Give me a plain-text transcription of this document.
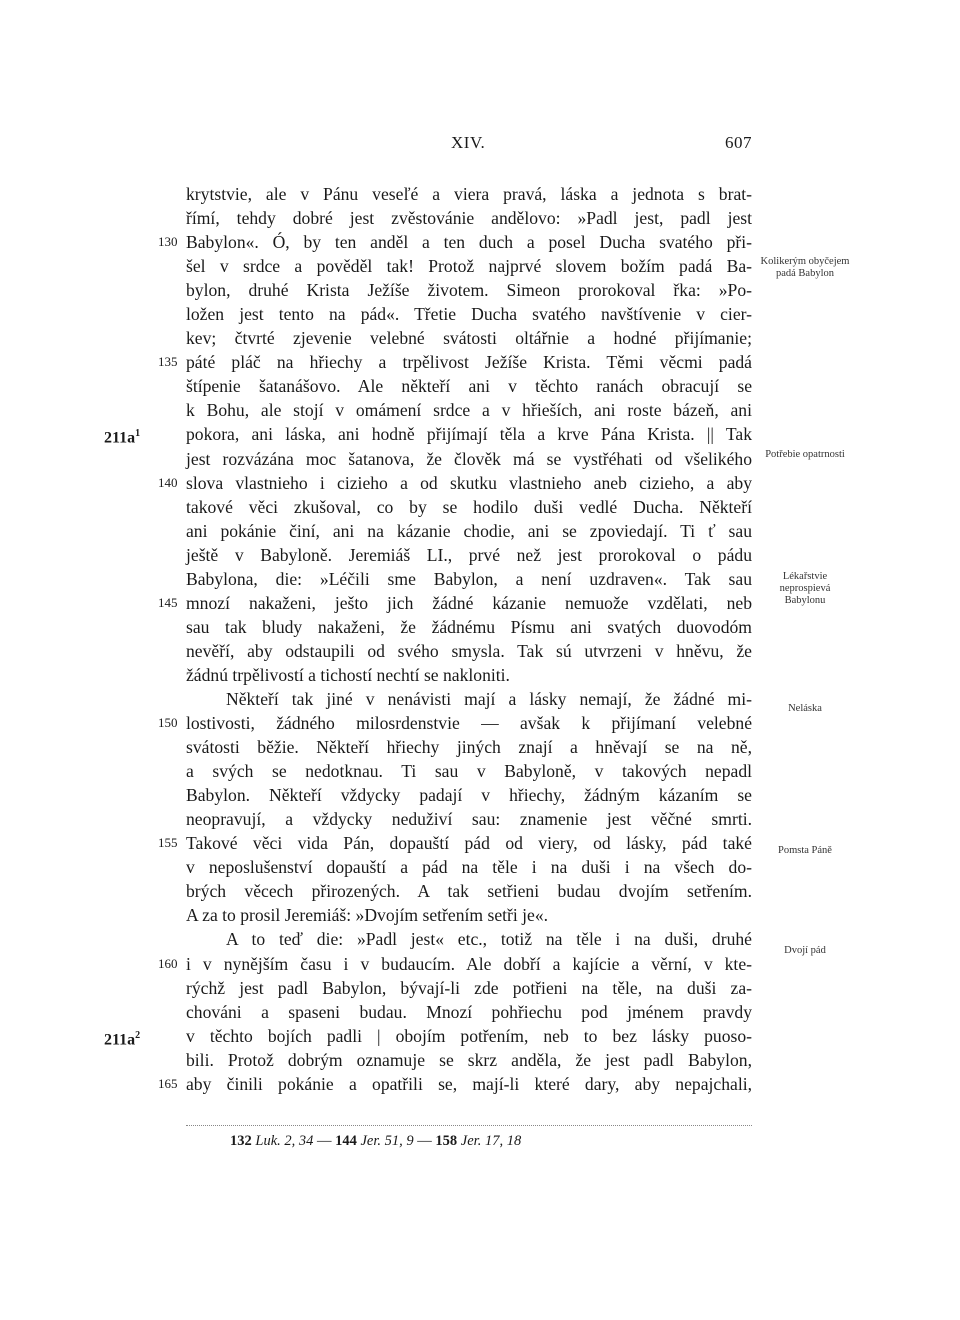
XIV.	607
krytstvie, ale v Pánu veseľé a viera pravá, láska a jednota s brat-
římí, tehdy dobré jest zvěstovánie andělovo: »Padl jest, padl jest
130 Babylon«. Ó, by ten anděl a ten duch a posel Ducha svatého při-
šel v srdce a pověděl tak! Protož najprvé slovem božím padá Ba-
bylon, druhé Krista Ježíše životem. Simeon prorokoval řka: »Po-
ložen jest tento na pád«. Třetie Ducha svatého navštívenie v cier-
kev; čtvrté zjevenie velebné svátosti oltářnie a hodné přijímanie;
135 páté pláč na hřiechy a trpělivost Ježíše Krista. Těmi věcmi padá
štípenie šatanášovo. Ale někteří ani v těchto ranách obracují se
k Bohu, ale stojí v omámení srdce a v hřieších, ani roste bázeň, ani
$211a^1$	pokora, ani láska, ani hodně přijímají těla a krve Pána Krista. || Tak
jest rozvázána moc šatanova, že člověk má se vystřéhati od všelikého
140 slova vlastnieho i cizieho a od skutku vlastnieho aneb cizieho, a aby
takové věci zkušoval, co by se hodilo duši vedlé Ducha. Někteří
ani pokánie činí, ani na kázanie chodie, ani se zpoviedají. Ti ť sau
ještě v Babyloně. Jeremiáš LI., prvé než jest prorokoval o pádu
Babylona, die: »Léčili sme Babylon, a není uzdraven«. Tak sau
145 mnozí nakaženi, ješto jich žádné kázanie nemuože vzdělati, neb
sau tak bludy nakaženi, že žádnému Písmu ani svatých duovodóm
nevěří, aby odstaupili od svého smysla. Tak sú utvrzeni v hněvu, že
žádnú trpělivostí a tichostí nechtí se nakloniti.
Někteří tak jiné v nenávisti mají a lásky nemají, že žádné mi-
150 lostivosti, žádného milosrdenstvie — avšak k přijímaní velebné
svátosti běžie. Někteří hřiechy jiných znají a hněvají se na ně,
a svých se nedotknau. Ti sau v Babyloně, v takových nepadl
Babylon. Někteří vždycky padají v hřiechy, žádným kázaním se
neopravují, a vždycky neduživí sau: znamenie jest věčné smrti.
155 Takové věci vida Pán, dopauští pád od viery, od lásky, pád také
v neposlušenství dopauští a pád na těle i na duši i na všech do-
brých věcech přirozených. A tak setřieni budau dvojím setřením.
A za to prosil Jeremiáš: »Dvojím setřením setři je«.
A to teď die: »Padl jest« etc., totiž na těle i na duši, druhé
160 i v nynějším času i v budaucím. Ale dobří a kajície a věrní, v kte-
rýchž jest padl Babylon, bývají-li zde potřieni na těle, na duši za-
chováni a spaseni budau. Mnozí pohřiechu pod jménem pravdy
$211a^2$	v těchto bojích padli | obojím potřením, neb to bez lásky puoso-
bili. Protož dobrým oznamuje se skrz anděla, že jest padl Babylon,
165 aby činili pokánie a opatřili se, mají-li které dary, aby nepajchali,
Kolikerým obyčejem padá Babylon
Potřebie opatrnosti
Lékařstvie neprospievá Babylonu
Neláska
Pomsta Páně
Dvojí pád
132 Luk. 2, 34 — 144 Jer. 51, 9 — 158 Jer. 17, 18
